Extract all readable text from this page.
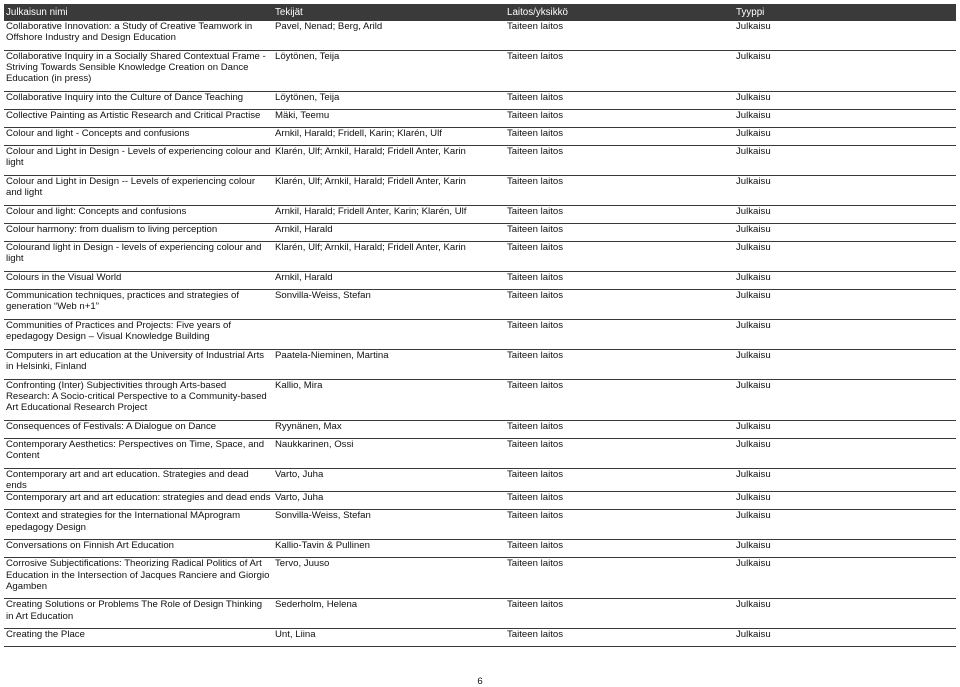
Julkaisun nimi	Tekijät	Laitos/yksikkö	Tyyppi
Collaborative Innovation: a Study of Creative Teamwork in Offshore Industry and Design Education	Pavel, Nenad; Berg, Arild	Taiteen laitos	Julkaisu
Collaborative Inquiry in a Socially Shared Contextual Frame - Striving Towards Sensible Knowledge Creation on Dance Education (in press)	Löytönen, Teija	Taiteen laitos	Julkaisu
Collaborative Inquiry into the Culture of Dance Teaching	Löytönen, Teija	Taiteen laitos	Julkaisu
Collective Painting as Artistic Research and Critical Practise	Mäki, Teemu	Taiteen laitos	Julkaisu
Colour and light - Concepts and confusions	Arnkil, Harald; Fridell, Karin; Klarén, Ulf	Taiteen laitos	Julkaisu
Colour and Light in Design - Levels of experiencing colour and light	Klarén, Ulf; Arnkil, Harald; Fridell Anter, Karin	Taiteen laitos	Julkaisu
Colour and Light in Design -- Levels of experiencing colour and light	Klarén, Ulf; Arnkil, Harald; Fridell Anter, Karin	Taiteen laitos	Julkaisu
Colour and light: Concepts and confusions	Arnkil, Harald; Fridell Anter, Karin; Klarén, Ulf	Taiteen laitos	Julkaisu
Colour harmony: from dualism to living perception	Arnkil, Harald	Taiteen laitos	Julkaisu
Colourand light in Design - levels of experiencing colour and light	Klarén, Ulf; Arnkil, Harald; Fridell Anter, Karin	Taiteen laitos	Julkaisu
Colours in the Visual World	Arnkil, Harald	Taiteen laitos	Julkaisu
Communication techniques, practices and strategies of generation “Web n+1”	Sonvilla-Weiss, Stefan	Taiteen laitos	Julkaisu
Communities of Practices and Projects: Five years of epedagogy Design – Visual Knowledge Building		Taiteen laitos	Julkaisu
Computers in art education at the University of Industrial Arts in Helsinki, Finland	Paatela-Nieminen, Martina	Taiteen laitos	Julkaisu
Confronting (Inter) Subjectivities through Arts-based Research: A Socio-critical Perspective to a Community-based Art Educational Research Project	Kallio, Mira	Taiteen laitos	Julkaisu
Consequences of Festivals: A Dialogue on Dance	Ryynänen, Max	Taiteen laitos	Julkaisu
Contemporary Aesthetics: Perspectives on Time, Space, and Content	Naukkarinen, Ossi	Taiteen laitos	Julkaisu
Contemporary art and art education. Strategies and dead ends	Varto, Juha	Taiteen laitos	Julkaisu
Contemporary art and art education: strategies and dead ends	Varto, Juha	Taiteen laitos	Julkaisu
Context and strategies for the International MAprogram epedagogy Design	Sonvilla-Weiss, Stefan	Taiteen laitos	Julkaisu
Conversations on Finnish Art Education	Kallio-Tavin & Pullinen	Taiteen laitos	Julkaisu
Corrosive Subjectifications: Theorizing Radical Politics of Art Education in the Intersection of Jacques Ranciere and Giorgio Agamben	Tervo, Juuso	Taiteen laitos	Julkaisu
Creating Solutions or Problems The Role of Design Thinking in Art Education	Sederholm, Helena	Taiteen laitos	Julkaisu
Creating the Place	Unt, Liina	Taiteen laitos	Julkaisu
6
